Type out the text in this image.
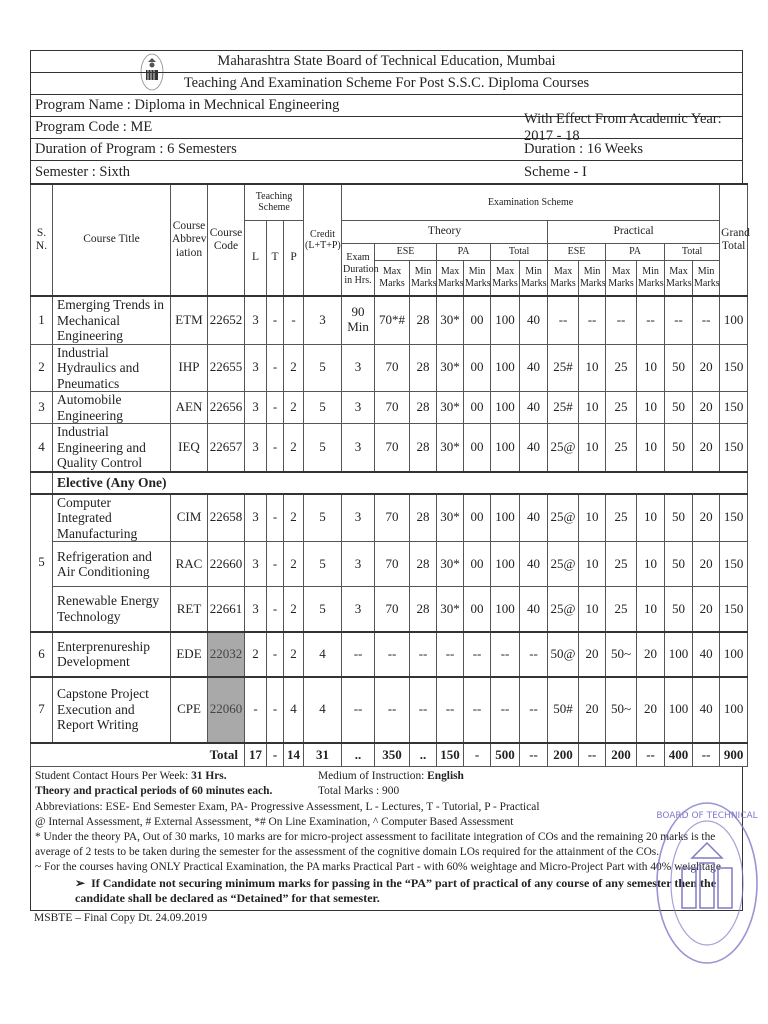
Maharashtra State Board of Technical Education, Mumbai
Teaching And Examination Scheme For Post S.S.C. Diploma Courses
Program Name : Diploma in Mechnical Engineering
Program Code : ME
With Effect From Academic Year: 2017 - 18
Duration of Program : 6 Semesters	Duration : 16 Weeks
Semester : Sixth	Scheme - I
S. N.	Course Title	Course Abbrev iation	Course Code	Teaching Scheme			Credit (L+T+P)	Examination Scheme													Grand Total
				L	T	P		Theory							Practical						
								Exam Duration in Hrs.	ESE		PA		Total		ESE		PA		Total		
									Max Marks	Min Marks	Max Marks	Min Marks	Max Marks	Min Marks	Max Marks	Min Marks	Max Marks	Min Marks	Max Marks	Min Marks	
1	Emerging Trends in Mechanical Engineering	ETM	22652	3	-	-	3	90 Min	70*#	28	30*	00	100	40	--	--	--	--	--	--	100
2	Industrial Hydraulics and Pneumatics	IHP	22655	3	-	2	5	3	70	28	30*	00	100	40	25#	10	25	10	50	20	150
3	Automobile Engineering	AEN	22656	3	-	2	5	3	70	28	30*	00	100	40	25#	10	25	10	50	20	150
4	Industrial Engineering and Quality Control	IEQ	22657	3	-	2	5	3	70	28	30*	00	100	40	25@	10	25	10	50	20	150
	Elective (Any One)																				
5	Computer Integrated Manufacturing	CIM	22658	3	-	2	5	3	70	28	30*	00	100	40	25@	10	25	10	50	20	150
	Refrigeration and Air Conditioning	RAC	22660	3	-	2	5	3	70	28	30*	00	100	40	25@	10	25	10	50	20	150
	Renewable Energy Technology	RET	22661	3	-	2	5	3	70	28	30*	00	100	40	25@	10	25	10	50	20	150
6	Enterprenureship Development	EDE	22032	2	-	2	4	--	--	--	--	--	--	--	50@	20	50~	20	100	40	100
7	Capstone Project Execution and Report Writing	CPE	22060	-	-	4	4	--	--	--	--	--	--	--	50#	20	50~	20	100	40	100
Total				17	-	14	31	..	350	..	150	-	500	--	200	--	200	--	400	--	900
Student Contact Hours Per Week: 31 Hrs.	Medium of Instruction: English
Theory and practical periods of 60 minutes each.	Total Marks : 900
Abbreviations: ESE- End Semester Exam, PA- Progressive Assessment, L - Lectures, T - Tutorial, P - Practical
@ Internal Assessment, # External Assessment, *# On Line Examination, ^ Computer Based Assessment
* Under the theory PA, Out of 30 marks, 10 marks are for micro-project assessment to facilitate integration of COs and the remaining 20 marks is the average of 2 tests to be taken during the semester for the assessment of the cognitive domain LOs required for the attainment of the COs.
~ For the courses having ONLY Practical Examination, the PA marks Practical Part - with 60% weightage and Micro-Project Part with 40% weightage
➢  If Candidate not securing minimum marks for passing in the “PA” part of practical of any course of any semester then the candidate shall be declared as “Detained” for that semester.
MSBTE – Final Copy Dt. 24.09.2019
BOARD OF TECHNICAL
